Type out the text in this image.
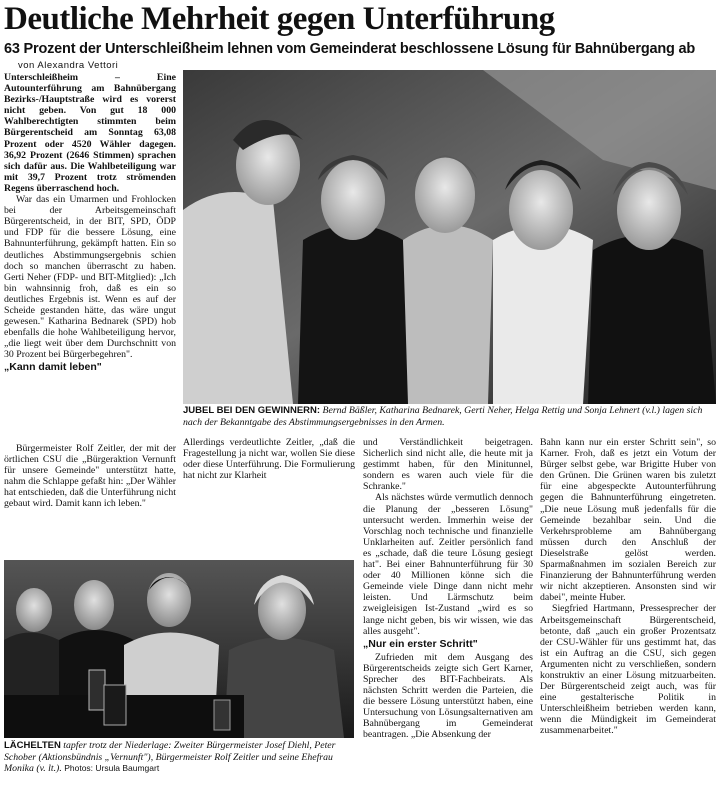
Deutliche Mehrheit gegen Unterführung
63 Prozent der Unterschleißheim lehnen vom Gemeinderat beschlossene Lösung für Bahnübergang ab
von Alexandra Vettori

Unterschleißheim – Eine Autounterführung am Bahnübergang Bezirks-/Hauptstraße wird es vorerst nicht geben. Von gut 18 000 Wahlberechtigten stimmten beim Bürgerentscheid am Sonntag 63,08 Prozent oder 4520 Wähler dagegen. 36,92 Prozent (2646 Stimmen) sprachen sich dafür aus. Die Wahlbeteiligung war mit 39,7 Prozent trotz strömenden Regens überraschend hoch.

War das ein Umarmen und Frohlocken bei der Arbeitsgemeinschaft Bürgerentscheid, in der BIT, SPD, ÖDP und FDP für die bessere Lösung, eine Bahnunterführung, gekämpft hatten. Ein so deutliches Abstimmungsergebnis schien doch so manchen überrascht zu haben. Gerti Neher (FDP- und BIT-Mitglied): „Ich bin wahnsinnig froh, daß es ein so deutliches Ergebnis ist. Wenn es auf der Scheide gestanden hätte, das wäre ungut gewesen." Katharina Bednarek (SPD) hob ebenfalls die hohe Wahlbeteiligung hervor, „die liegt weit über dem Durchschnitt von 30 Prozent bei Bürgerbegehren".

„Kann damit leben"

Bürgermeister Rolf Zeitler, der mit der örtlichen CSU die „Bürgeraktion Vernunft für unsere Gemeinde" unterstützt hatte, nahm die Schlappe gefaßt hin: „Der Wähler hat entschieden, daß die Unterführung nicht gebaut wird. Damit kann ich leben."

JUBEL BEI DEN GEWINNERN: Bernd Bäßler, Katharina Bednarek, Gerti Neher, Helga Rettig und Sonja Lehnert (v.l.) lagen sich nach der Bekanntgabe des Abstimmungsergebnisses in den Armen.

Allerdings verdeutlichte Zeitler, „daß die Fragestellung ja nicht war, wollen Sie diese oder diese Unterführung. Die Formulierung hat nicht zur Klarheit

und Verständlichkeit beigetragen. Sicherlich sind nicht alle, die heute mit ja gestimmt haben, für den Minitunnel, sondern es waren auch viele für die Schranke."

Als nächstes würde vermutlich dennoch die Planung der „besseren Lösung" untersucht werden. Immerhin weise der Vorschlag noch technische und finanzielle Unklarheiten auf. Zeitler persönlich fand es „schade, daß die teure Lösung gesiegt hat". Bei einer Bahnunterführung für 30 oder 40 Millionen könne sich die Gemeinde viele Dinge dann nicht mehr leisten. Und Lärmschutz beim zweigleisigen Ist-Zustand „wird es so lange nicht geben, bis wir wissen, wie das alles ausgeht".

„Nur ein erster Schritt"

Zufrieden mit dem Ausgang des Bürgerentscheids zeigte sich Gert Karner, Sprecher des BIT-Fachbeirats. Als nächsten Schritt werden die Parteien, die die bessere Lösung unterstützt haben, eine Untersuchung von Lösungsalternativen am Bahnübergang im Gemeinderat beantragen. „Die Absenkung der

Bahn kann nur ein erster Schritt sein", so Karner. Froh, daß es jetzt ein Votum der Bürger selbst gebe, war Brigitte Huber von den Grünen. Die Grünen waren bis zuletzt für eine abgespeckte Autounterführung gegen die Bahnunterführung eingetreten. „Die neue Lösung muß jedenfalls für die Gemeinde bezahlbar sein. Und die Verkehrsprobleme am Bahnübergang müssen durch den Anschluß der Dieselstraße gelöst werden. Sparmaßnahmen im sozialen Bereich zur Finanzierung der Bahnunterführung werden wir nicht akzeptieren. Ansonsten sind wir dabei", meinte Huber.

Siegfried Hartmann, Pressesprecher der Arbeitsgemeinschaft Bürgerentscheid, betonte, daß „auch ein großer Prozentsatz der CSU-Wähler für uns gestimmt hat, das ist ein Auftrag an die CSU, sich gegen Argumenten nicht zu verschließen, sondern konstruktiv an einer Lösung mitzuarbeiten. Der Bürgerentscheid zeigt auch, was für eine gestalterische Politik in Unterschleißheim betrieben werden kann, wenn die Mündigkeit im Gemeinderat zusammenarbeitet."

LÄCHELTEN tapfer trotz der Niederlage: Zweiter Bürgermeister Josef Diehl, Peter Schober (Aktionsbündnis „Vernunft"), Bürgermeister Rolf Zeitler und seine Ehefrau Monika (v. lt.). Photos: Ursula Baumgart
